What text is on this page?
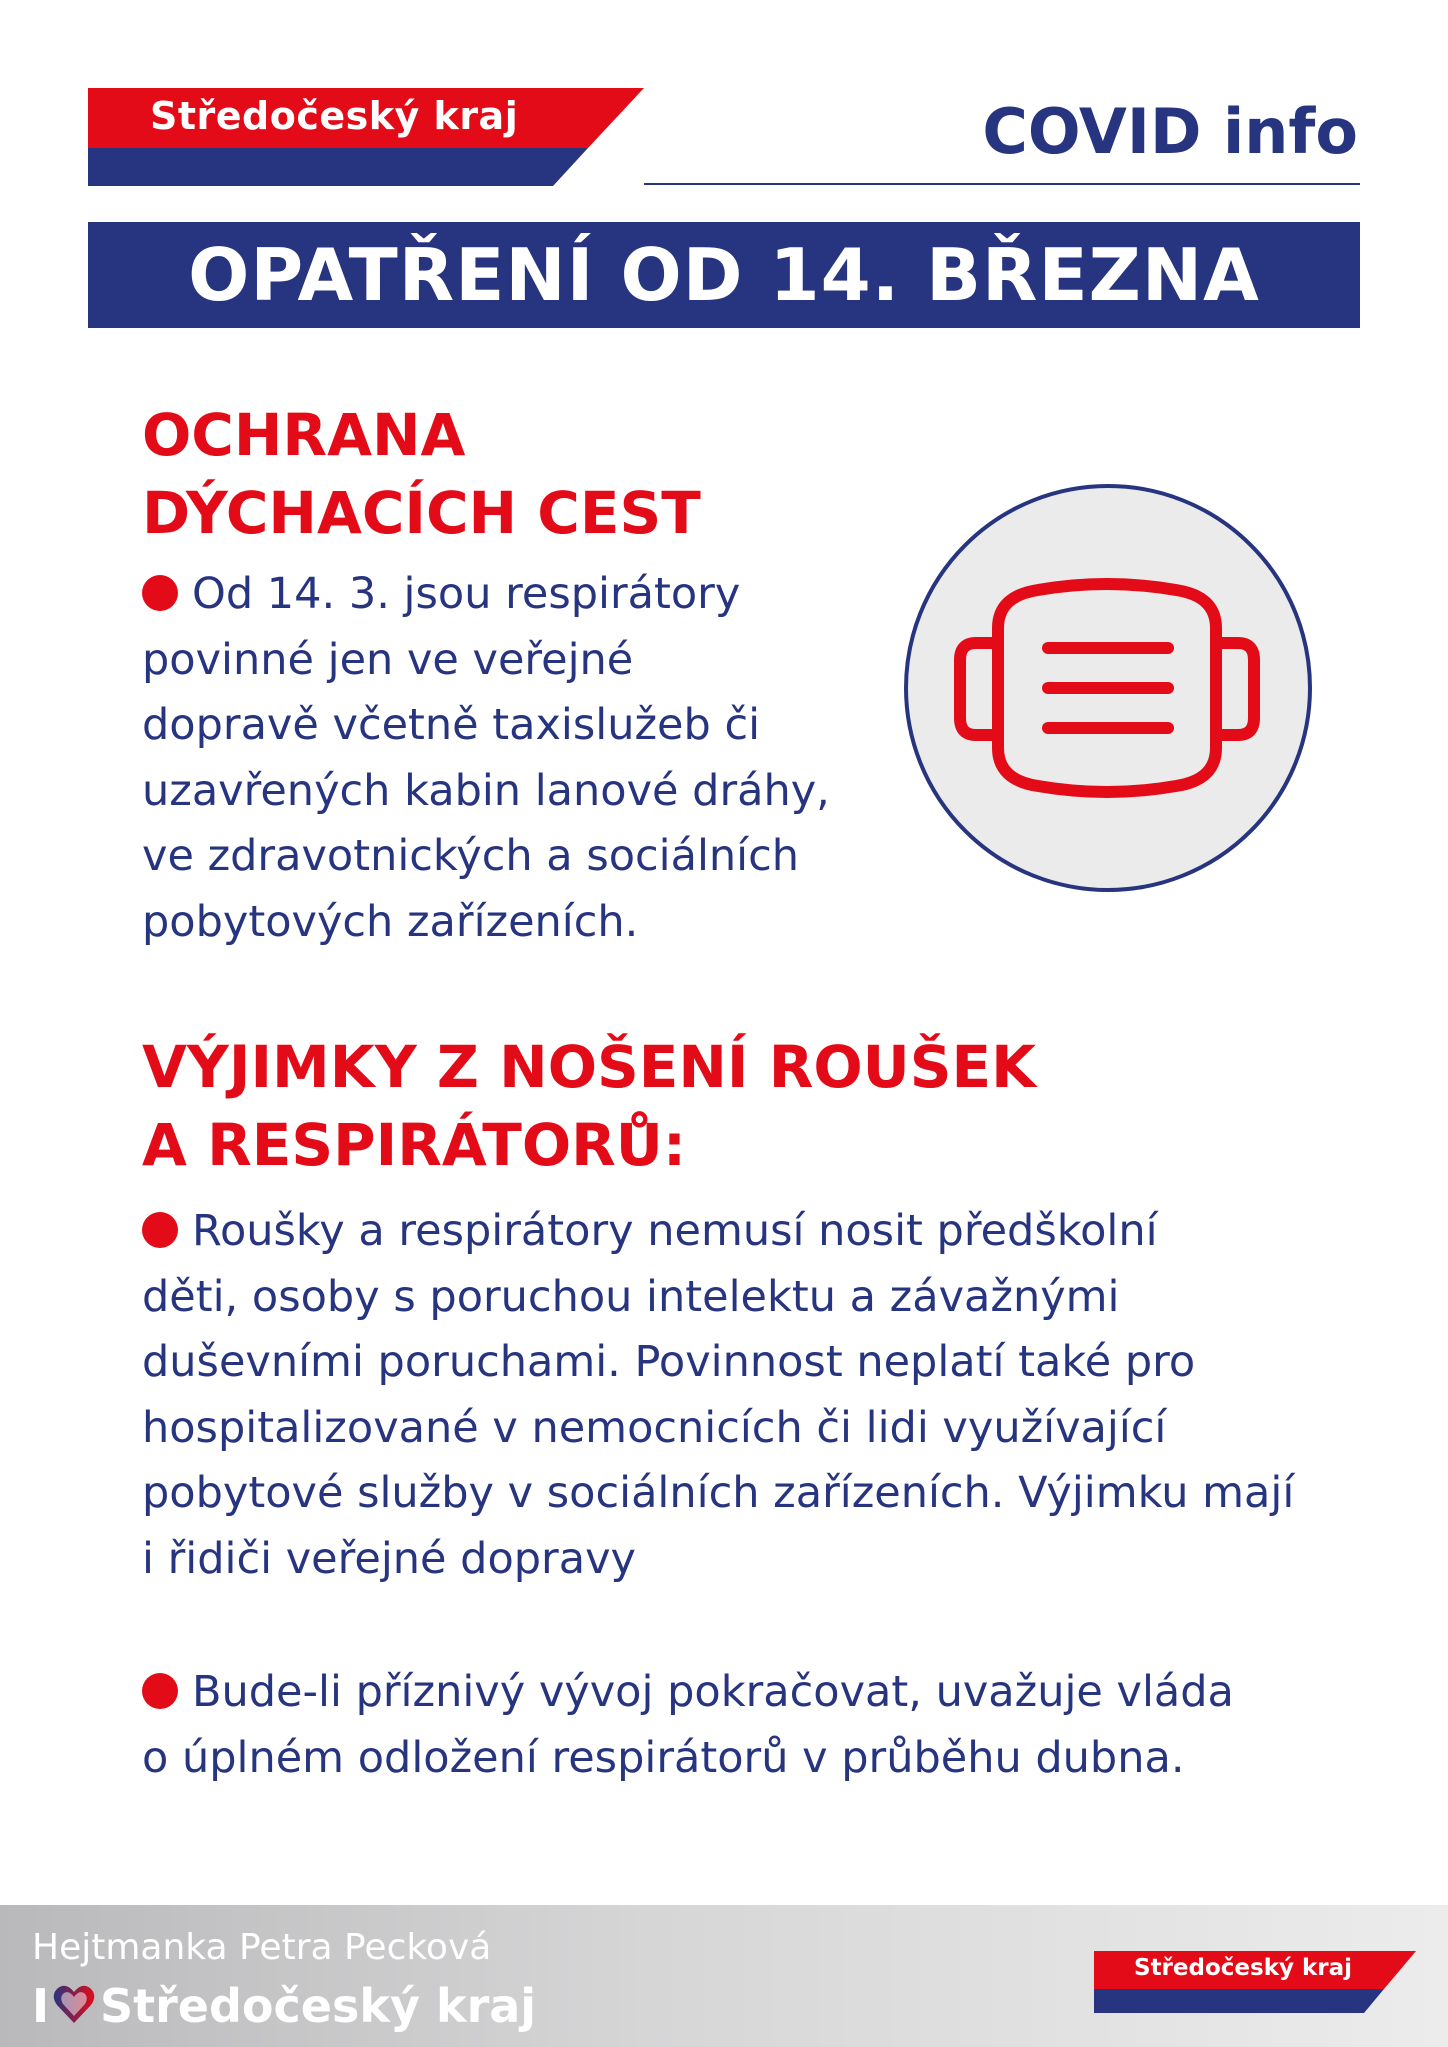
Středočeský kraj	COVID info
OPATŘENÍ OD 14. BŘEZNA
OCHRANA
DÝCHACÍCH CEST
Od 14. 3. jsou respirátory
povinné jen ve veřejné
dopravě včetně taxislužeb či
uzavřených kabin lanové dráhy,
ve zdravotnických a sociálních
pobytových zařízeních.
VÝJIMKY Z NOŠENÍ ROUŠEK
A RESPIRÁTORŮ:
Roušky a respirátory nemusí nosit předškolní
děti, osoby s poruchou intelektu a závažnými
duševními poruchami. Povinnost neplatí také pro
hospitalizované v nemocnicích či lidi využívající
pobytové služby v sociálních zařízeních. Výjimku mají
i řidiči veřejné dopravy
Bude-li příznivý vývoj pokračovat, uvažuje vláda
o úplném odložení respirátorů v průběhu dubna.
Hejtmanka Petra Pecková
I Středočeský kraj
Středočeský kraj
